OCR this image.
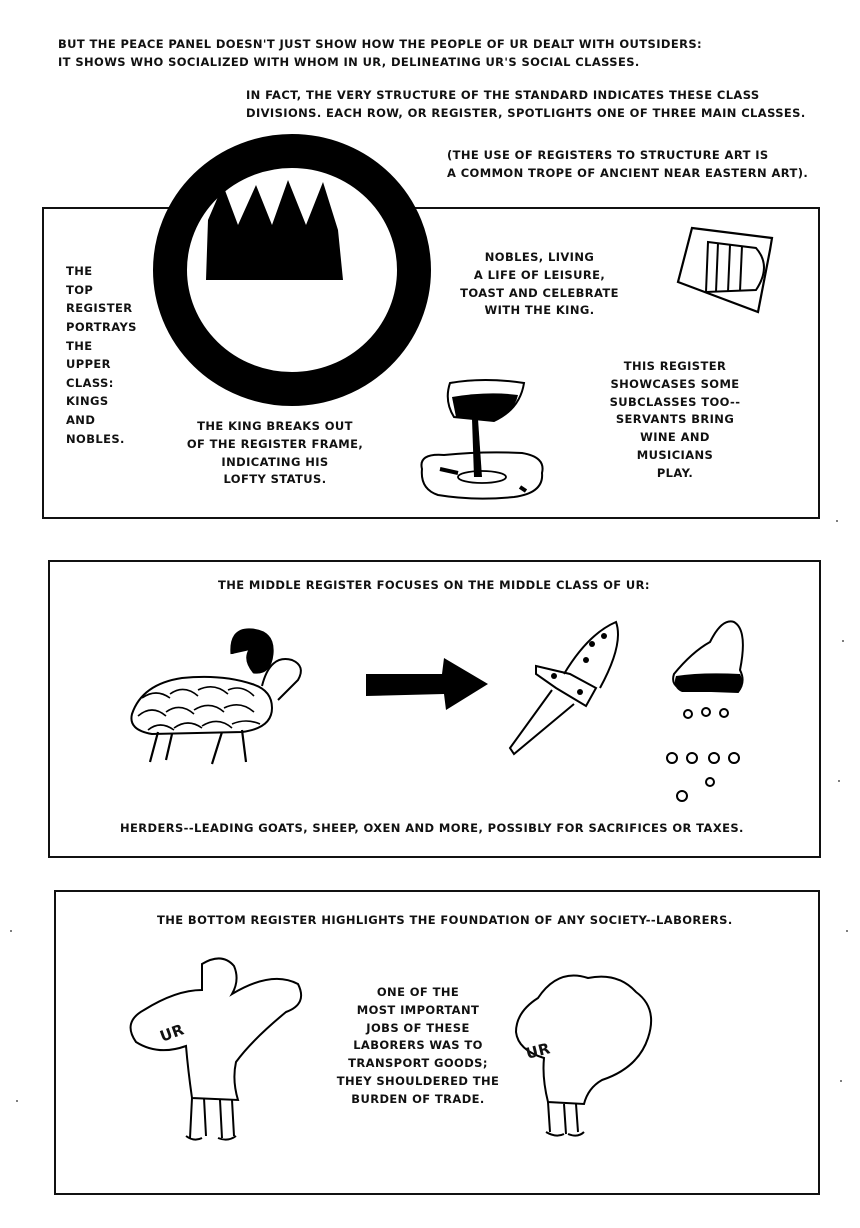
BUT THE PEACE PANEL DOESN'T JUST SHOW HOW THE PEOPLE OF UR DEALT WITH OUTSIDERS:
IT SHOWS WHO SOCIALIZED WITH WHOM IN UR, DELINEATING UR'S SOCIAL CLASSES.
IN FACT, THE VERY STRUCTURE OF THE STANDARD INDICATES THESE CLASS
DIVISIONS. EACH ROW, OR REGISTER, SPOTLIGHTS ONE OF THREE MAIN CLASSES.
(THE USE OF REGISTERS TO STRUCTURE ART IS
A COMMON TROPE OF ANCIENT NEAR EASTERN ART).
THE
TOP
REGISTER
PORTRAYS
THE
UPPER
CLASS:
KINGS
AND
NOBLES.
THE KING BREAKS OUT
OF THE REGISTER FRAME,
INDICATING HIS
LOFTY STATUS.
NOBLES, LIVING
A LIFE OF LEISURE,
TOAST AND CELEBRATE
WITH THE KING.
THIS REGISTER
SHOWCASES SOME
SUBCLASSES TOO--
SERVANTS BRING
WINE AND
MUSICIANS
PLAY.
THE MIDDLE REGISTER FOCUSES ON THE MIDDLE CLASS OF UR:
HERDERS--LEADING GOATS, SHEEP, OXEN AND MORE, POSSIBLY FOR SACRIFICES OR TAXES.
THE BOTTOM REGISTER HIGHLIGHTS THE FOUNDATION OF ANY SOCIETY--LABORERS.
UR
ONE OF THE
MOST IMPORTANT
JOBS OF THESE
LABORERS WAS TO
TRANSPORT GOODS;
THEY SHOULDERED THE
BURDEN OF TRADE.
UR
